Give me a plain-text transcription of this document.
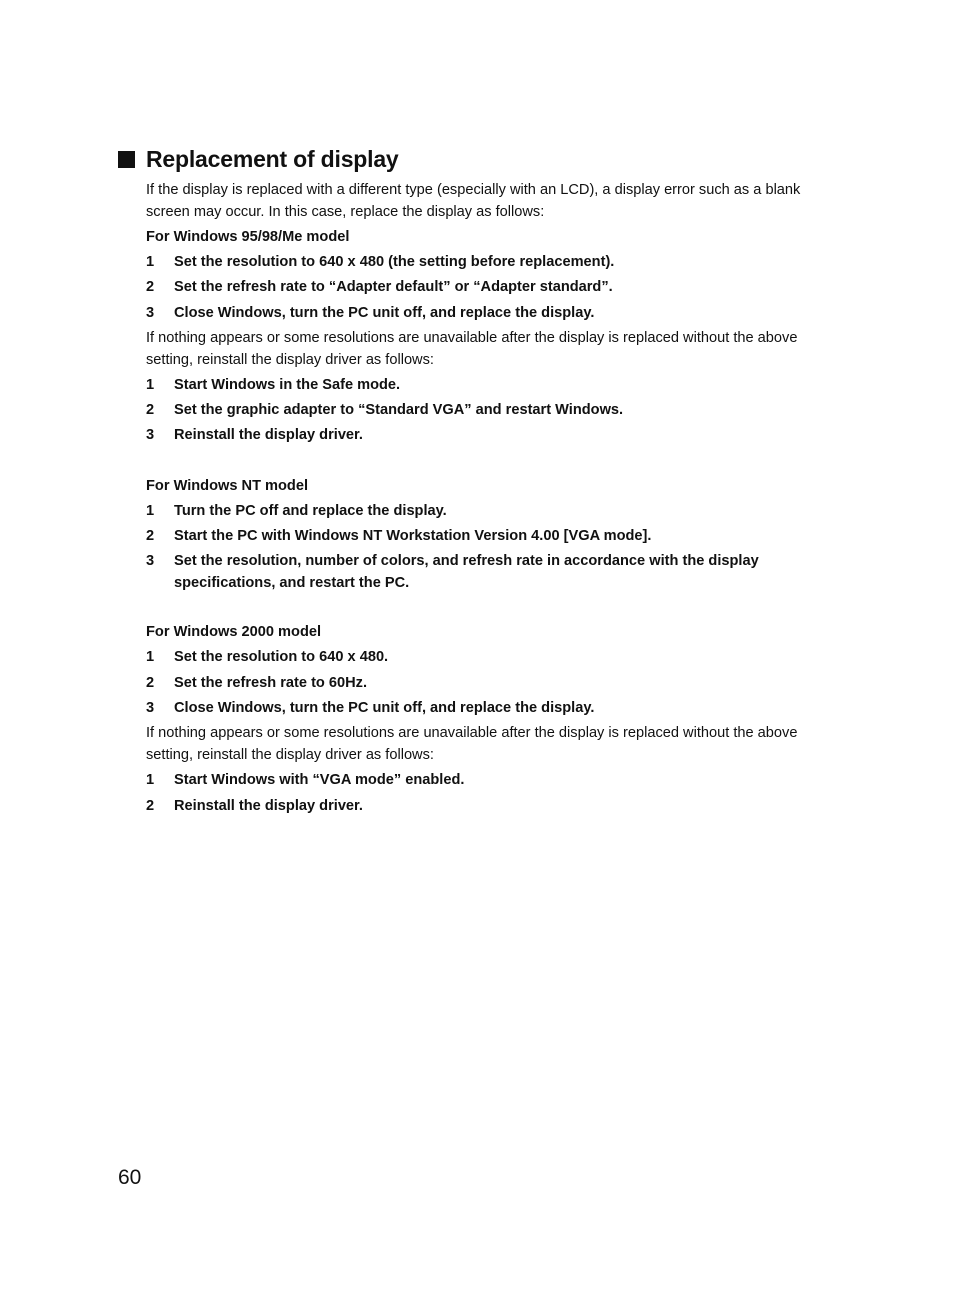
Replacement of display

If the display is replaced with a different type (especially with an LCD), a display error such as a blank screen may occur. In this case, replace the display as follows:

For Windows 95/98/Me model
1	Set the resolution to 640 x 480 (the setting before replacement).
2	Set the refresh rate to “Adapter default” or “Adapter standard”.
3	Close Windows, turn the PC unit off, and replace the display.

If nothing appears or some resolutions are unavailable after the display is replaced without the above setting, reinstall the display driver as follows:

1	Start Windows in the Safe mode.
2	Set the graphic adapter to “Standard VGA” and restart Windows.
3	Reinstall the display driver.
For Windows NT model
1	Turn the PC off and replace the display.
2	Start the PC with Windows NT Workstation Version 4.00 [VGA mode].
3	Set the resolution, number of colors, and refresh rate in accordance with the display specifications, and restart the PC.
For Windows 2000 model
1	Set the resolution to 640 x 480.
2	Set the refresh rate to 60Hz.
3	Close Windows, turn the PC unit off, and replace the display.

If nothing appears or some resolutions are unavailable after the display is replaced without the above setting, reinstall the display driver as follows:

1	Start Windows with “VGA mode” enabled.
2	Reinstall the display driver.
60
